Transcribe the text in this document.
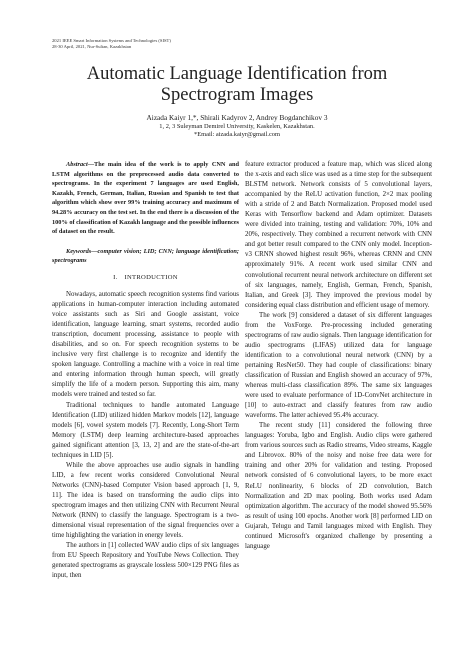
2021 IEEE Smart Information Systems and Technologies (SIST)
28-30 April, 2021, Nur-Sultan, Kazakhstan
Automatic Language Identification from
Spectrogram Images
Aizada Kaiyr 1,*, Shirali Kadyrov 2, Andrey Bogdanchikov 3
1, 2, 3 Suleyman Demirel University, Kaskelen, Kazakhstan.
*Email: aizada.kaiyr@gmail.com

Abstract—The main idea of the work is to apply CNN and LSTM algorithms on the preprocessed audio data converted to spectrograms. In the experiment 7 languages are used English, Kazakh, French, German, Italian, Russian and Spanish to test that algorithm which show over 99% training accuracy and maximum of 94.28% accuracy on the test set. In the end there is a discussion of the 100% of classification of Kazakh language and the possible influences of dataset on the result.

Keywords—computer vision; LID; CNN; language identification; spectrograms

I. INTRODUCTION

Nowadays, automatic speech recognition systems find various applications in human-computer interaction including automated voice assistants such as Siri and Google assistant, voice identification, language learning, smart systems, recorded audio transcription, document processing, assistance to people with disabilities, and so on. For speech recognition systems to be inclusive very first challenge is to recognize and identify the spoken language. Controlling a machine with a voice in real time and entering information through human speech, will greatly simplify the life of a modern person. Supporting this aim, many models were trained and tested so far.

Traditional techniques to handle automated Language Identification (LID) utilized hidden Markov models [12], language models [6], vowel system models [7]. Recently, Long-Short Term Memory (LSTM) deep learning architecture-based approaches gained significant attention [3, 13, 2] and are the state-of-the-art techniques in LID [5].

While the above approaches use audio signals in handling LID, a few recent works considered Convolutional Neural Networks (CNN)-based Computer Vision based approach [1, 9, 11]. The idea is based on transforming the audio clips into spectrogram images and then utilizing CNN with Recurrent Neural Network (RNN) to classify the language. Spectrogram is a two-dimensional visual representation of the signal frequencies over a time highlighting the variation in energy levels.

The authors in [1] collected WAV audio clips of six languages from EU Speech Repository and YouTube News Collection. They generated spectrograms as grayscale lossless 500×129 PNG files as input, then

feature extractor produced a feature map, which was sliced along the x-axis and each slice was used as a time step for the subsequent BLSTM network. Network consists of 5 convolutional layers, accompanied by the ReLU activation function, 2×2 max pooling with a stride of 2 and Batch Normalization. Proposed model used Keras with Tensorflow backend and Adam optimizer. Datasets were divided into training, testing and validation: 70%, 10% and 20%, respectively. They combined a recurrent network with CNN and got better result compared to the CNN only model. Inception-v3 CRNN showed highest result 96%, whereas CRNN and CNN approximately 91%. A recent work used similar CNN and convolutional recurrent neural network architecture on different set of six languages, namely, English, German, French, Spanish, Italian, and Greek [3]. They improved the previous model by considering equal class distribution and efficient usage of memory.

The work [9] considered a dataset of six different languages from the VoxForge. Pre-processing included generating spectrograms of raw audio signals. Then language identification for audio spectrograms (LIFAS) utilized data for language identification to a convolutional neural network (CNN) by a pertaining ResNet50. They had couple of classifications: binary classification of Russian and English showed an accuracy of 97%, whereas multi-class classification 89%. The same six languages were used to evaluate performance of 1D-ConvNet architecture in [10] to auto-extract and classify features from raw audio waveforms. The latter achieved 95.4% accuracy.

The recent study [11] considered the following three languages: Yoruba, Igbo and English. Audio clips were gathered from various sources such as Radio streams, Video streams, Kaggle and Librovox. 80% of the noisy and noise free data were for training and other 20% for validation and testing. Proposed network consisted of 6 convolutional layers, to be more exact ReLU nonlinearity, 6 blocks of 2D convolution, Batch Normalization and 2D max pooling. Both works used Adam optimization algorithm. The accuracy of the model showed 95.56% as result of using 100 epochs. Another work [8] performed LID on Gujarah, Telugu and Tamil languages mixed with English. They continued Microsoft's organized challenge by presenting a language
